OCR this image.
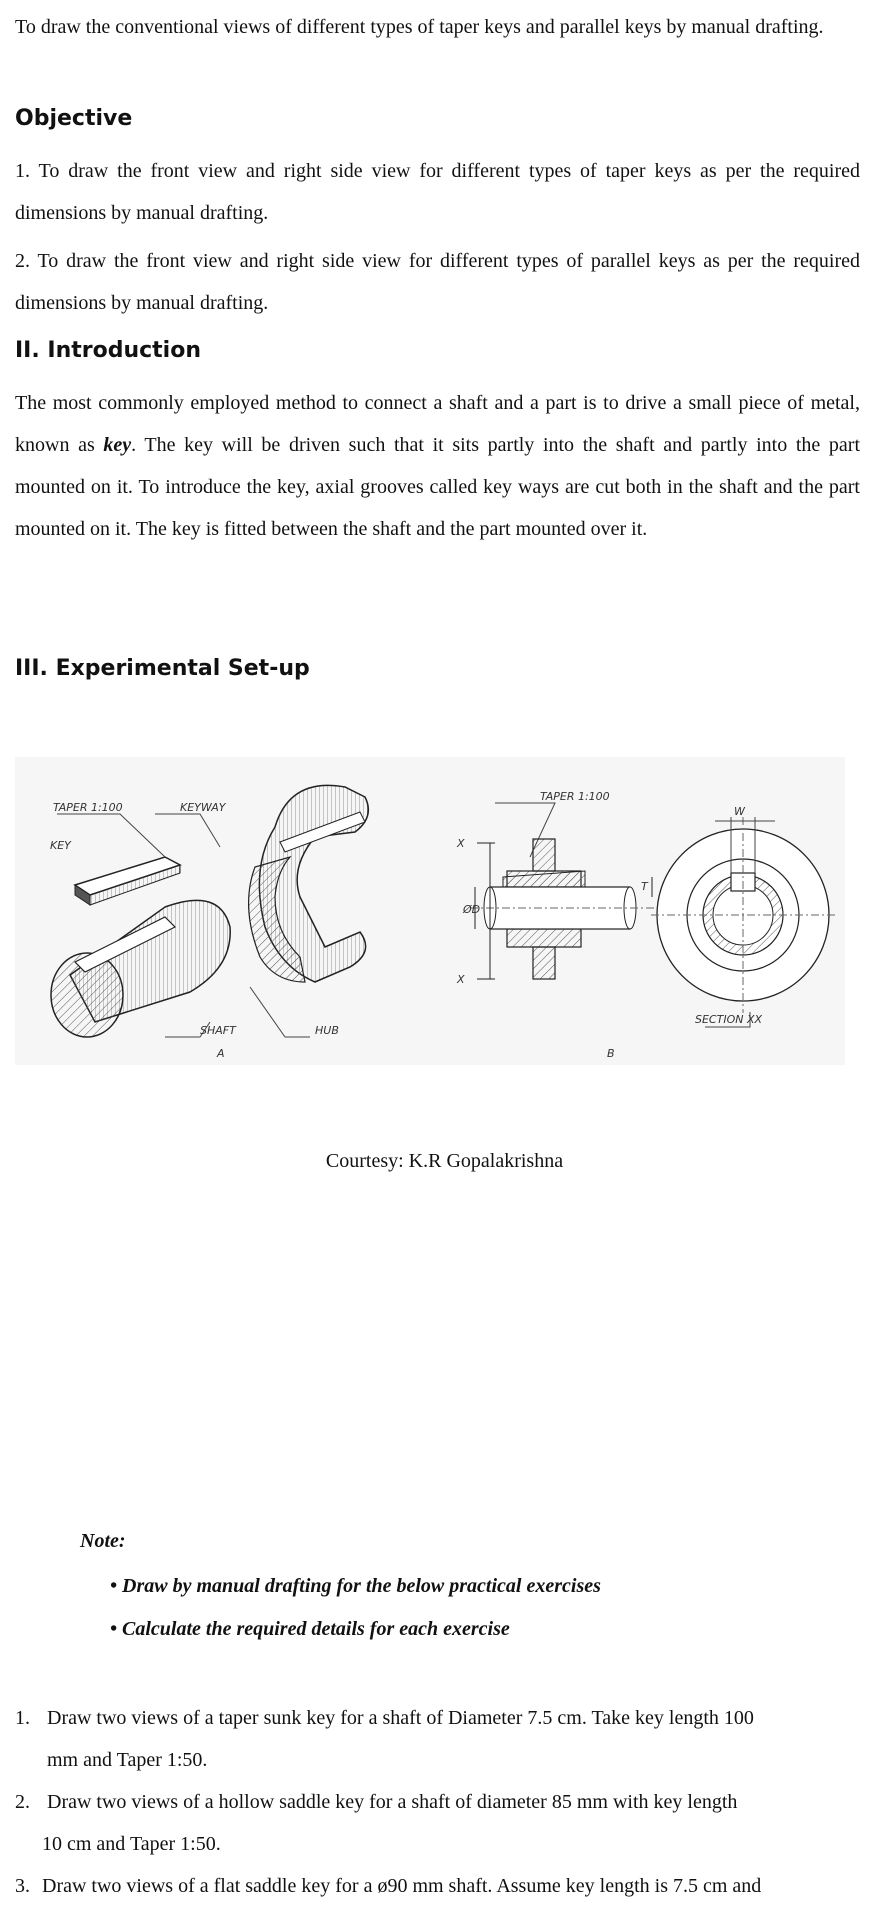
To draw the conventional views of different types of taper keys and parallel keys by manual drafting.

Objective

1. To draw the front view and right side view for different types of taper keys as per the required dimensions by manual drafting.

2. To draw the front view and right side view for different types of parallel keys as per the required dimensions by manual drafting.

II. Introduction

The most commonly employed method to connect a shaft and a part is to drive a small piece of metal, known as key. The key will be driven such that it sits partly into the shaft and partly into the part mounted on it. To introduce the key, axial grooves called key ways are cut both in the shaft and the part mounted on it. The key is fitted between the shaft and the part mounted over it.

III. Experimental Set-up
TAPER 1:100	KEYWAY
KEY
SHAFT	HUB
A
TAPER 1:100
W
X
X
ØD
T
SECTION XX
B
Courtesy: K.R Gopalakrishna
Note:
• Draw by manual drafting for the below practical exercises
• Calculate the required details for each exercise
1. Draw two views of a taper sunk key for a shaft of Diameter 7.5 cm. Take key length 100
mm and Taper 1:50.
2. Draw two views of a hollow saddle key for a shaft of diameter 85 mm with key length
10 cm and Taper 1:50.
3. Draw two views of a flat saddle key for a ø90 mm shaft. Assume key length is 7.5 cm and
